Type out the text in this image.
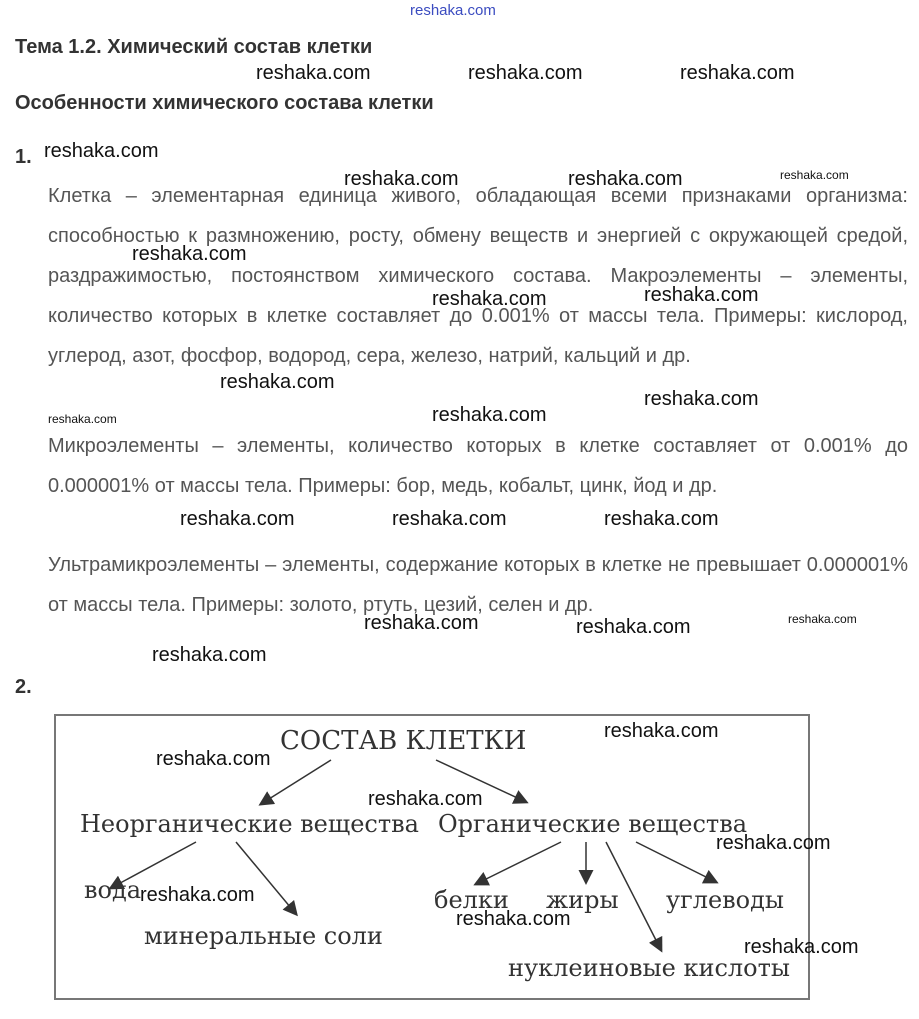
reshaka.com
Тема 1.2. Химический состав клетки
Особенности химического состава клетки
1.
Клетка – элементарная единица живого, обладающая всеми признаками организма: способностью к размножению, росту, обмену веществ и энергией с окружающей средой, раздражимостью, постоянством химического состава. Макроэлементы – элементы, количество которых в клетке составляет до 0.001% от массы тела. Примеры: кислород, углерод, азот, фосфор, водород, сера, железо, натрий, кальций и др.
Микроэлементы – элементы, количество которых в клетке составляет от 0.001% до 0.000001% от массы тела. Примеры: бор, медь, кобальт, цинк, йод и др.
Ультрамикроэлементы – элементы, содержание которых в клетке не превышает 0.000001% от массы тела. Примеры: золото, ртуть, цезий, селен и др.
2.
СОСТАВ КЛЕТКИ
Неорганические вещества Органические вещества
вода
минеральные соли
белки жиры углеводы
нуклеиновые кислоты
reshaka.com	reshaka.com	reshaka.com
reshaka.com
reshaka.com	reshaka.com	reshaka.com
reshaka.com
reshaka.com	reshaka.com
reshaka.com
reshaka.com	reshaka.com
reshaka.com
reshaka.com	reshaka.com	reshaka.com
reshaka.com	reshaka.com	reshaka.com
reshaka.com
reshaka.com
reshaka.com
reshaka.com
reshaka.com
reshaka.com
reshaka.com
reshaka.com
